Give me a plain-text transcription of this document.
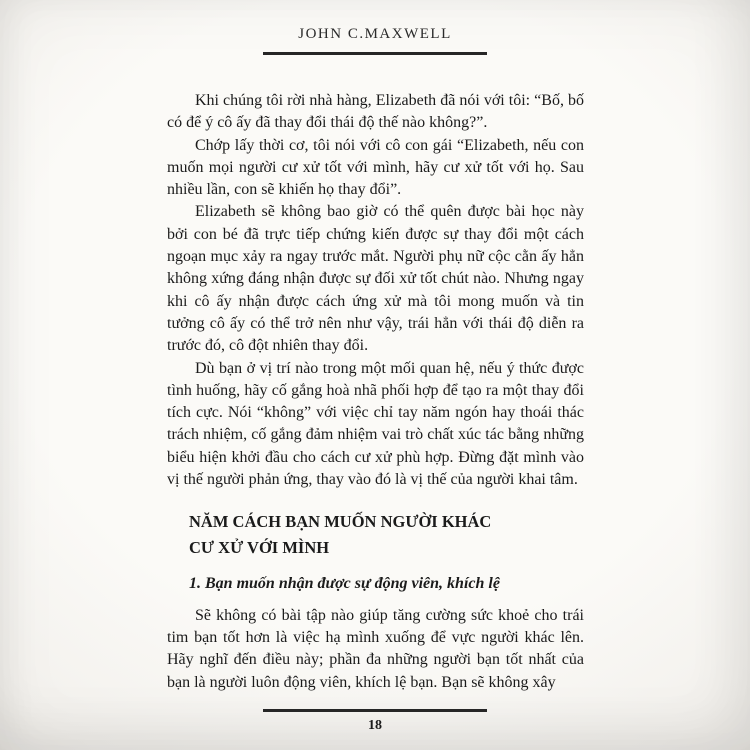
JOHN C.MAXWELL

Khi chúng tôi rời nhà hàng, Elizabeth đã nói với tôi: “Bố, bố có để ý cô ấy đã thay đổi thái độ thế nào không?”.

Chớp lấy thời cơ, tôi nói với cô con gái “Elizabeth, nếu con muốn mọi người cư xử tốt với mình, hãy cư xử tốt với họ. Sau nhiều lần, con sẽ khiến họ thay đổi”.

Elizabeth sẽ không bao giờ có thể quên được bài học này bởi con bé đã trực tiếp chứng kiến được sự thay đổi một cách ngoạn mục xảy ra ngay trước mắt. Người phụ nữ cộc cằn ấy hẳn không xứng đáng nhận được sự đối xử tốt chút nào. Nhưng ngay khi cô ấy nhận được cách ứng xử mà tôi mong muốn và tin tưởng cô ấy có thể trở nên như vậy, trái hẳn với thái độ diễn ra trước đó, cô đột nhiên thay đổi.

Dù bạn ở vị trí nào trong một mối quan hệ, nếu ý thức được tình huống, hãy cố gắng hoà nhã phối hợp để tạo ra một thay đổi tích cực. Nói “không” với việc chỉ tay năm ngón hay thoái thác trách nhiệm, cố gắng đảm nhiệm vai trò chất xúc tác bằng những biểu hiện khởi đầu cho cách cư xử phù hợp. Đừng đặt mình vào vị thế người phản ứng, thay vào đó là vị thế của người khai tâm.

NĂM CÁCH BẠN MUỐN NGƯỜI KHÁC
CƯ XỬ VỚI MÌNH
1. Bạn muốn nhận được sự động viên, khích lệ

Sẽ không có bài tập nào giúp tăng cường sức khoẻ cho trái tim bạn tốt hơn là việc hạ mình xuống để vực người khác lên. Hãy nghĩ đến điều này; phần đa những người bạn tốt nhất của bạn là người luôn động viên, khích lệ bạn. Bạn sẽ không xây

18
